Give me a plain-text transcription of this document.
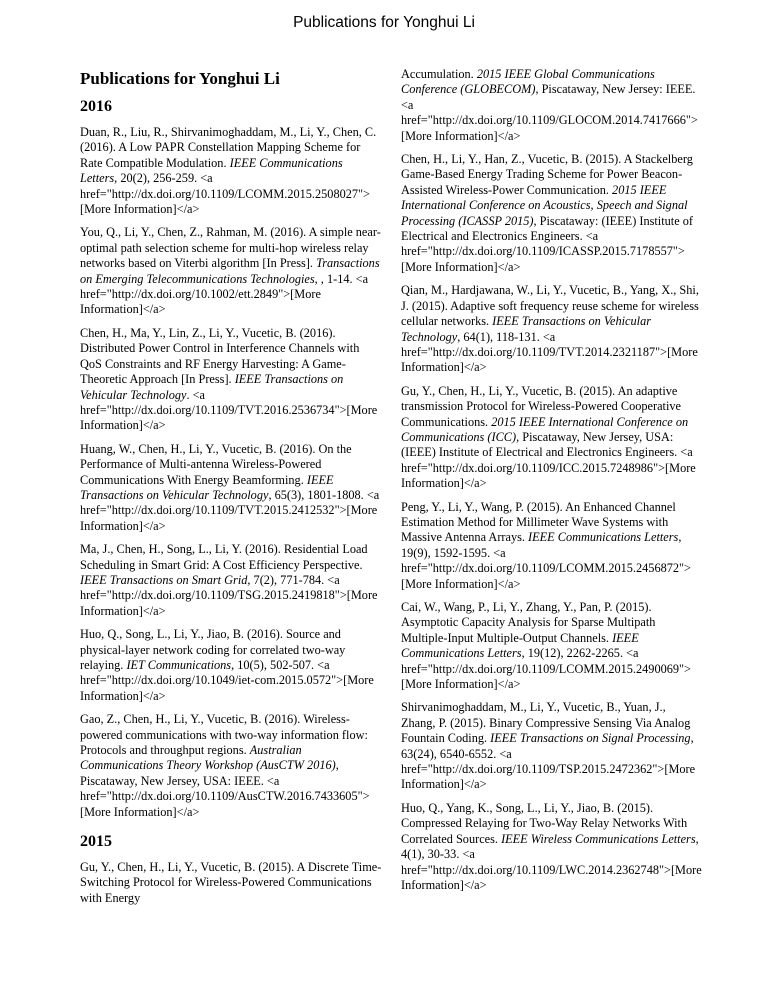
Publications for Yonghui Li
Publications for Yonghui Li
2016
Duan, R., Liu, R., Shirvanimoghaddam, M., Li, Y., Chen, C. (2016). A Low PAPR Constellation Mapping Scheme for Rate Compatible Modulation. IEEE Communications Letters, 20(2), 256-259. <a href="http://dx.doi.org/10.1109/LCOMM.2015.2508027">[More Information]</a>
You, Q., Li, Y., Chen, Z., Rahman, M. (2016). A simple near-optimal path selection scheme for multi-hop wireless relay networks based on Viterbi algorithm [In Press]. Transactions on Emerging Telecommunications Technologies, , 1-14. <a href="http://dx.doi.org/10.1002/ett.2849">[More Information]</a>
Chen, H., Ma, Y., Lin, Z., Li, Y., Vucetic, B. (2016). Distributed Power Control in Interference Channels with QoS Constraints and RF Energy Harvesting: A Game-Theoretic Approach [In Press]. IEEE Transactions on Vehicular Technology. <a href="http://dx.doi.org/10.1109/TVT.2016.2536734">[More Information]</a>
Huang, W., Chen, H., Li, Y., Vucetic, B. (2016). On the Performance of Multi-antenna Wireless-Powered Communications With Energy Beamforming. IEEE Transactions on Vehicular Technology, 65(3), 1801-1808. <a href="http://dx.doi.org/10.1109/TVT.2015.2412532">[More Information]</a>
Ma, J., Chen, H., Song, L., Li, Y. (2016). Residential Load Scheduling in Smart Grid: A Cost Efficiency Perspective. IEEE Transactions on Smart Grid, 7(2), 771-784. <a href="http://dx.doi.org/10.1109/TSG.2015.2419818">[More Information]</a>
Huo, Q., Song, L., Li, Y., Jiao, B. (2016). Source and physical-layer network coding for correlated two-way relaying. IET Communications, 10(5), 502-507. <a href="http://dx.doi.org/10.1049/iet-com.2015.0572">[More Information]</a>
Gao, Z., Chen, H., Li, Y., Vucetic, B. (2016). Wireless-powered communications with two-way information flow: Protocols and throughput regions. Australian Communications Theory Workshop (AusCTW 2016), Piscataway, New Jersey, USA: IEEE. <a href="http://dx.doi.org/10.1109/AusCTW.2016.7433605">[More Information]</a>
2015
Gu, Y., Chen, H., Li, Y., Vucetic, B. (2015). A Discrete Time-Switching Protocol for Wireless-Powered Communications with Energy
Accumulation. 2015 IEEE Global Communications Conference (GLOBECOM), Piscataway, New Jersey: IEEE. <a href="http://dx.doi.org/10.1109/GLOCOM.2014.7417666">[More Information]</a>
Chen, H., Li, Y., Han, Z., Vucetic, B. (2015). A Stackelberg Game-Based Energy Trading Scheme for Power Beacon-Assisted Wireless-Power Communication. 2015 IEEE International Conference on Acoustics, Speech and Signal Processing (ICASSP 2015), Piscataway: (IEEE) Institute of Electrical and Electronics Engineers. <a href="http://dx.doi.org/10.1109/ICASSP.2015.7178557">[More Information]</a>
Qian, M., Hardjawana, W., Li, Y., Vucetic, B., Yang, X., Shi, J. (2015). Adaptive soft frequency reuse scheme for wireless cellular networks. IEEE Transactions on Vehicular Technology, 64(1), 118-131. <a href="http://dx.doi.org/10.1109/TVT.2014.2321187">[More Information]</a>
Gu, Y., Chen, H., Li, Y., Vucetic, B. (2015). An adaptive transmission Protocol for Wireless-Powered Cooperative Communications. 2015 IEEE International Conference on Communications (ICC), Piscataway, New Jersey, USA: (IEEE) Institute of Electrical and Electronics Engineers. <a href="http://dx.doi.org/10.1109/ICC.2015.7248986">[More Information]</a>
Peng, Y., Li, Y., Wang, P. (2015). An Enhanced Channel Estimation Method for Millimeter Wave Systems with Massive Antenna Arrays. IEEE Communications Letters, 19(9), 1592-1595. <a href="http://dx.doi.org/10.1109/LCOMM.2015.2456872">[More Information]</a>
Cai, W., Wang, P., Li, Y., Zhang, Y., Pan, P. (2015). Asymptotic Capacity Analysis for Sparse Multipath Multiple-Input Multiple-Output Channels. IEEE Communications Letters, 19(12), 2262-2265. <a href="http://dx.doi.org/10.1109/LCOMM.2015.2490069">[More Information]</a>
Shirvanimoghaddam, M., Li, Y., Vucetic, B., Yuan, J., Zhang, P. (2015). Binary Compressive Sensing Via Analog Fountain Coding. IEEE Transactions on Signal Processing, 63(24), 6540-6552. <a href="http://dx.doi.org/10.1109/TSP.2015.2472362">[More Information]</a>
Huo, Q., Yang, K., Song, L., Li, Y., Jiao, B. (2015). Compressed Relaying for Two-Way Relay Networks With Correlated Sources. IEEE Wireless Communications Letters, 4(1), 30-33. <a href="http://dx.doi.org/10.1109/LWC.2014.2362748">[More Information]</a>
